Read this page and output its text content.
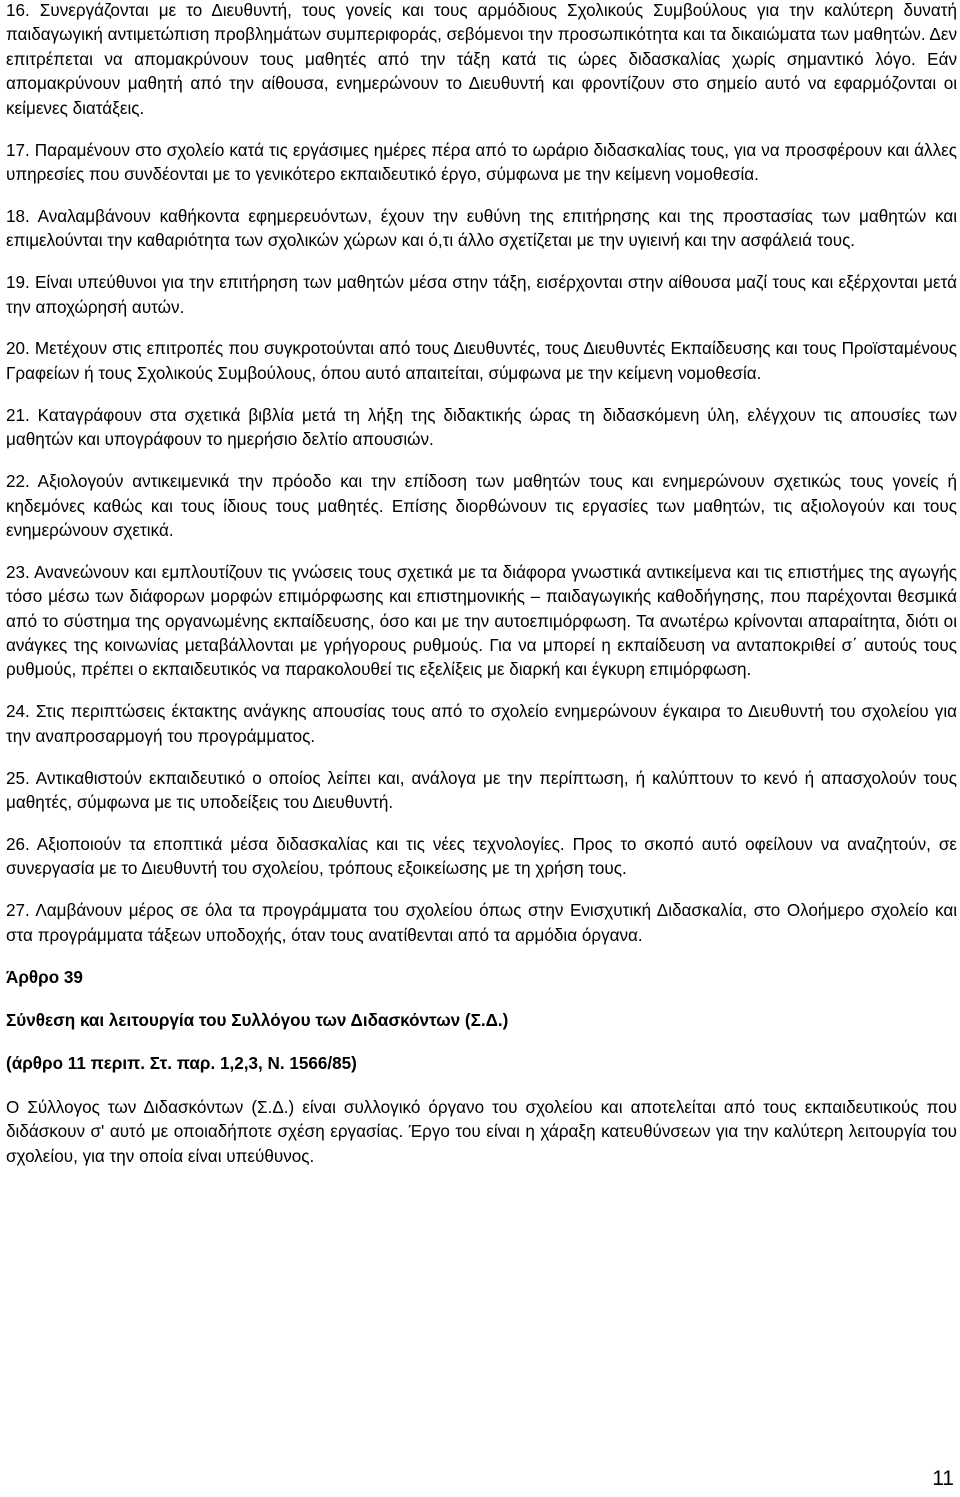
16. Συνεργάζονται με το Διευθυντή, τους γονείς και τους αρμόδιους Σχολικούς Συμβούλους για την καλύτερη δυνατή παιδαγωγική αντιμετώπιση προβλημάτων συμπεριφοράς, σεβόμενοι την προσωπικότητα και τα δικαιώματα των μαθητών. Δεν επιτρέπεται να απομακρύνουν τους μαθητές από την τάξη κατά τις ώρες διδασκαλίας χωρίς σημαντικό λόγο. Εάν απομακρύνουν μαθητή από την αίθουσα, ενημερώνουν το Διευθυντή και φροντίζουν στο σημείο αυτό να εφαρμόζονται οι κείμενες διατάξεις.

17. Παραμένουν στο σχολείο κατά τις εργάσιμες ημέρες πέρα από το ωράριο διδασκαλίας τους, για να προσφέρουν και άλλες υπηρεσίες που συνδέονται με το γενικότερο εκπαιδευτικό έργο, σύμφωνα με την κείμενη νομοθεσία.

18. Αναλαμβάνουν καθήκοντα εφημερευόντων, έχουν την ευθύνη της επιτήρησης και της προστασίας των μαθητών και επιμελούνται την καθαριότητα των σχολικών χώρων και ό,τι άλλο σχετίζεται με την υγιεινή και την ασφάλειά τους.

19. Είναι υπεύθυνοι για την επιτήρηση των μαθητών μέσα στην τάξη, εισέρχονται στην αίθουσα μαζί τους και εξέρχονται μετά την αποχώρησή αυτών.

20. Μετέχουν στις επιτροπές που συγκροτούνται από τους Διευθυντές, τους Διευθυντές Εκπαίδευσης και τους Προϊσταμένους Γραφείων ή τους Σχολικούς Συμβούλους, όπου αυτό απαιτείται, σύμφωνα με την κείμενη νομοθεσία.

21. Καταγράφουν στα σχετικά βιβλία μετά τη λήξη της διδακτικής ώρας τη διδασκόμενη ύλη, ελέγχουν τις απουσίες των μαθητών και υπογράφουν το ημερήσιο δελτίο απουσιών.

22. Αξιολογούν αντικειμενικά την πρόοδο και την επίδοση των μαθητών τους και ενημερώνουν σχετικώς τους γονείς ή κηδεμόνες καθώς και τους ίδιους τους μαθητές. Επίσης διορθώνουν τις εργασίες των μαθητών, τις αξιολογούν και τους ενημερώνουν σχετικά.

23. Ανανεώνουν και εμπλουτίζουν τις γνώσεις τους σχετικά με τα διάφορα γνωστικά αντικείμενα και τις επιστήμες της αγωγής τόσο μέσω των διάφορων μορφών επιμόρφωσης και επιστημονικής – παιδαγωγικής καθοδήγησης, που παρέχονται θεσμικά από το σύστημα της οργανωμένης εκπαίδευσης, όσο και με την αυτοεπιμόρφωση. Τα ανωτέρω κρίνονται απαραίτητα, διότι οι ανάγκες της κοινωνίας μεταβάλλονται με γρήγορους ρυθμούς. Για να μπορεί η εκπαίδευση να ανταποκριθεί σ΄ αυτούς τους ρυθμούς, πρέπει ο εκπαιδευτικός να παρακολουθεί τις εξελίξεις με διαρκή και έγκυρη επιμόρφωση.

24. Στις περιπτώσεις έκτακτης ανάγκης απουσίας τους από το σχολείο ενημερώνουν έγκαιρα το Διευθυντή του σχολείου για την αναπροσαρμογή του προγράμματος.

25. Αντικαθιστούν εκπαιδευτικό ο οποίος λείπει και, ανάλογα με την περίπτωση, ή καλύπτουν το κενό ή απασχολούν τους μαθητές, σύμφωνα με τις υποδείξεις του Διευθυντή.

26. Αξιοποιούν τα εποπτικά μέσα διδασκαλίας και τις νέες τεχνολογίες. Προς το σκοπό αυτό οφείλουν να αναζητούν, σε συνεργασία με το Διευθυντή του σχολείου, τρόπους εξοικείωσης με τη χρήση τους.

27. Λαμβάνουν μέρος σε όλα τα προγράμματα του σχολείου όπως στην Ενισχυτική Διδασκαλία, στο Ολοήμερο σχολείο και στα προγράμματα τάξεων υποδοχής, όταν τους ανατίθενται από τα αρμόδια όργανα.

Άρθρο 39

Σύνθεση και λειτουργία του Συλλόγου των Διδασκόντων (Σ.Δ.)

(άρθρο 11 περιπ. Στ. παρ. 1,2,3, Ν. 1566/85)

Ο Σύλλογος των Διδασκόντων (Σ.Δ.) είναι συλλογικό όργανο του σχολείου και αποτελείται από τους εκπαιδευτικούς που διδάσκουν σ' αυτό με οποιαδήποτε σχέση εργασίας. Έργο του είναι η χάραξη κατευθύνσεων για την καλύτερη λειτουργία του σχολείου, για την οποία είναι υπεύθυνος.

11
